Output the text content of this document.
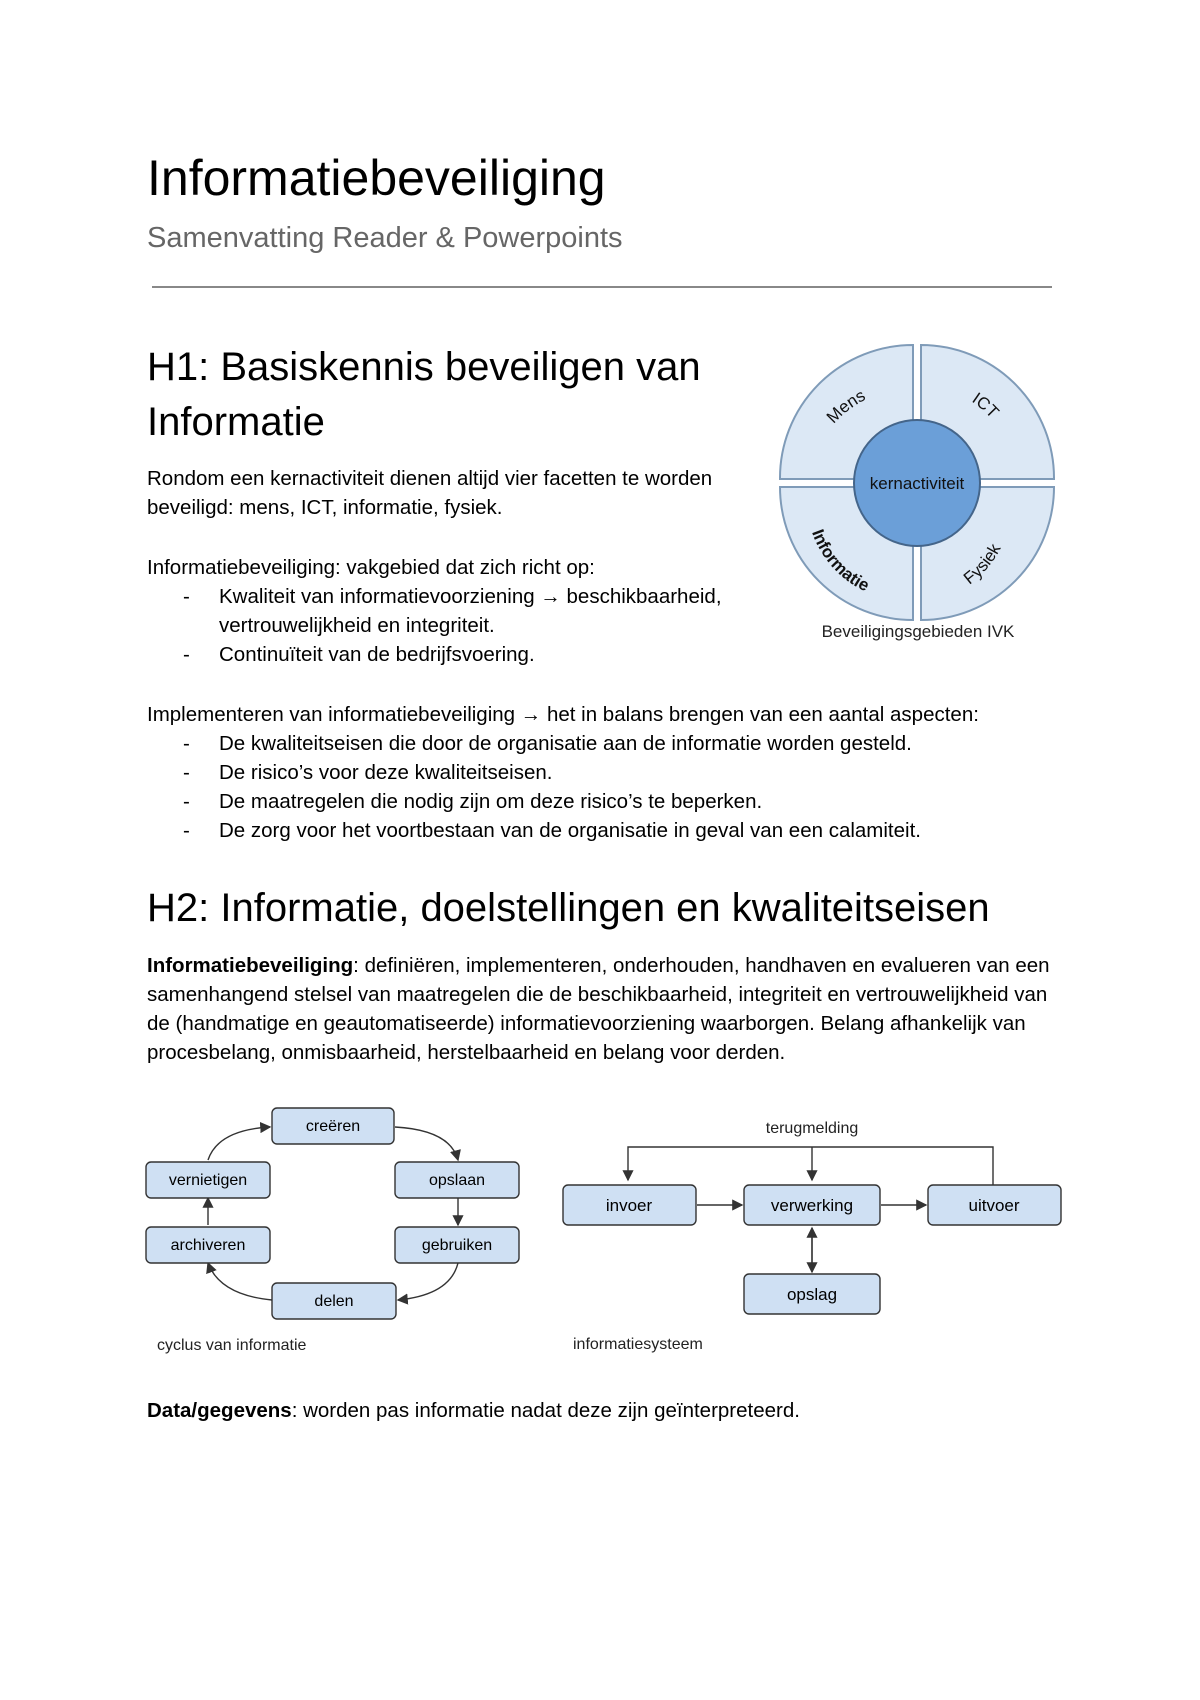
Informatiebeveiliging
Samenvatting Reader & Powerpoints
H1: Basiskennis beveiligen van Informatie
Rondom een kernactiviteit dienen altijd vier facetten te worden beveiligd: mens, ICT, informatie, fysiek.

Informatiebeveiliging: vakgebied dat zich richt op:

- Kwaliteit van informatievoorziening → beschikbaarheid, vertrouwelijkheid en integriteit.
- Continuïteit van de bedrijfsvoering.

Implementeren van informatiebeveiliging → het in balans brengen van een aantal aspecten:

- De kwaliteitseisen die door de organisatie aan de informatie worden gesteld.
- De risico’s voor deze kwaliteitseisen.
- De maatregelen die nodig zijn om deze risico’s te beperken.
- De zorg voor het voortbestaan van de organisatie in geval van een calamiteit.
kernactiviteit
Mens	ICT
Informatie	Fysiek
Beveiligingsgebieden IVK
H2: Informatie, doelstellingen en kwaliteitseisen
Informatiebeveiliging: definiëren, implementeren, onderhouden, handhaven en evalueren van een samenhangend stelsel van maatregelen die de beschikbaarheid, integriteit en vertrouwelijkheid van de (handmatige en geautomatiseerde) informatievoorziening waarborgen. Belang afhankelijk van procesbelang, onmisbaarheid, herstelbaarheid en belang voor derden.
creëren
opslaan
gebruiken
delen
archiveren
vernietigen
cyclus van informatie
terugmelding
invoer	verwerking	uitvoer
opslag
informatiesysteem
Data/gegevens: worden pas informatie nadat deze zijn geïnterpreteerd.
